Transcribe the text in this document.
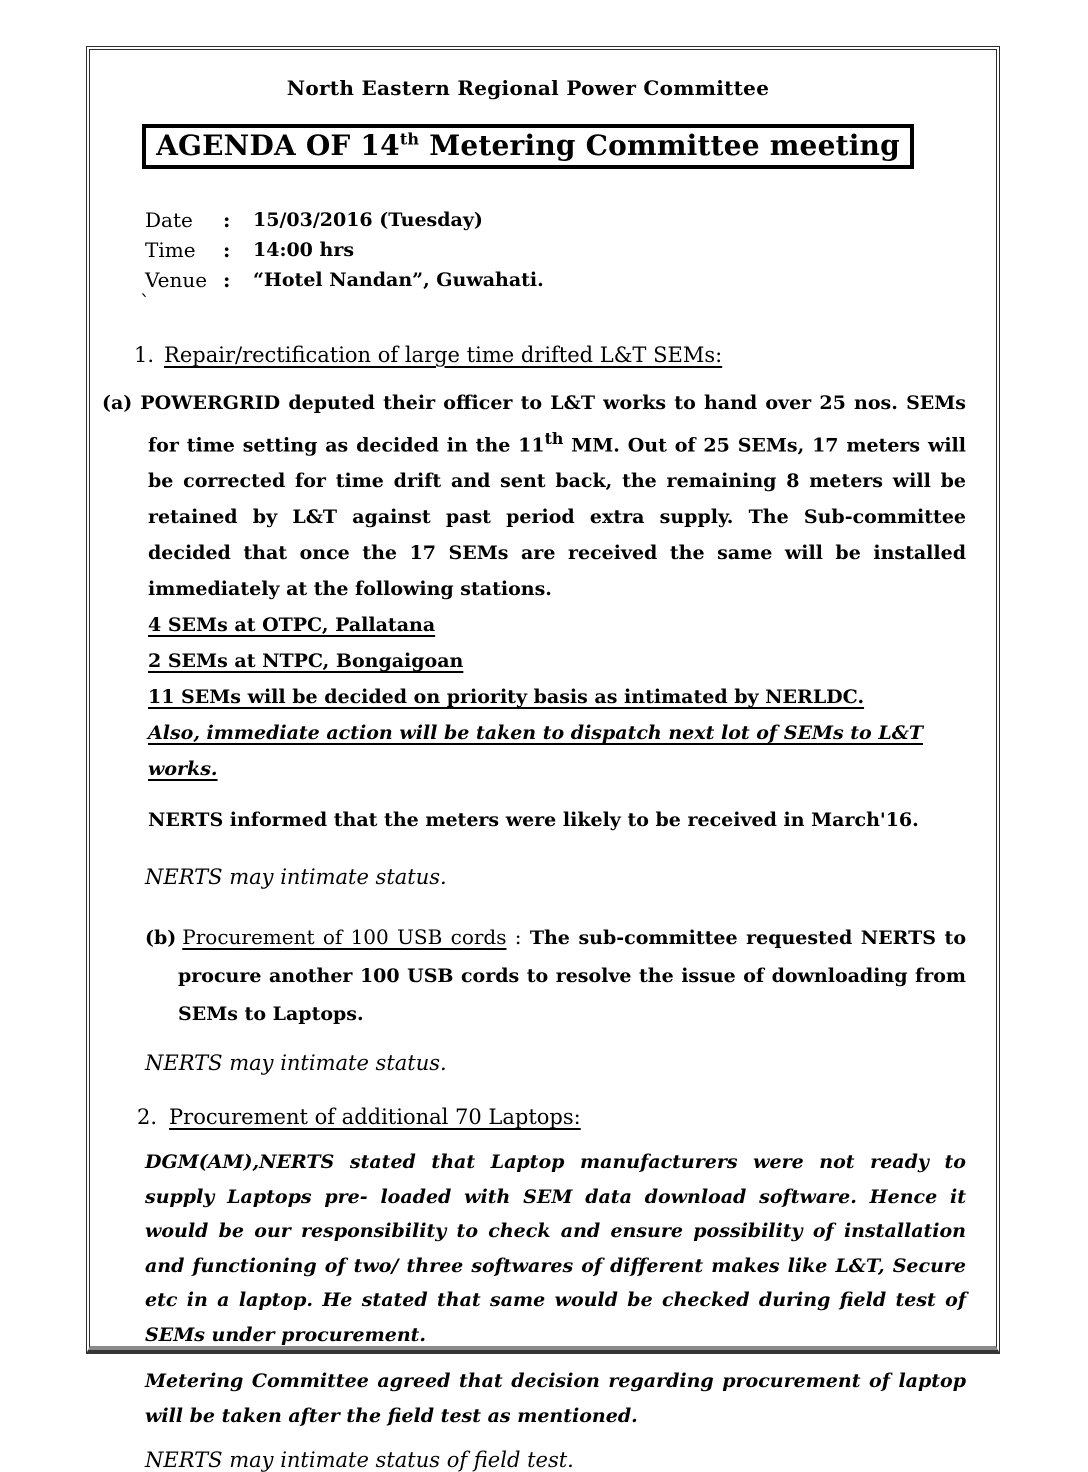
North Eastern Regional Power Committee
AGENDA OF 14th Metering Committee meeting
Date	:	15/03/2016 (Tuesday)
Time	:	14:00 hrs
Venue :	“Hotel Nandan”, Guwahati.
`
1. Repair/rectification of large time drifted L&T SEMs:
(a) POWERGRID deputed their officer to L&T works to hand over 25 nos. SEMs for time setting as decided in the 11th MM. Out of 25 SEMs, 17 meters will be corrected for time drift and sent back, the remaining 8 meters will be retained by L&T against past period extra supply. The Sub-committee decided that once the 17 SEMs are received the same will be installed immediately at the following stations.
4 SEMs at OTPC, Pallatana
2 SEMs at NTPC, Bongaigoan
11 SEMs will be decided on priority basis as intimated by NERLDC.
Also, immediate action will be taken to dispatch next lot of SEMs to L&T works.
NERTS informed that the meters were likely to be received in March'16.
NERTS may intimate status.
(b) Procurement of 100 USB cords : The sub-committee requested NERTS to procure another 100 USB cords to resolve the issue of downloading from SEMs to Laptops.
NERTS may intimate status.
2. Procurement of additional 70 Laptops:
DGM(AM),NERTS stated that Laptop manufacturers were not ready to supply Laptops pre- loaded with SEM data download software. Hence it would be our responsibility to check and ensure possibility of installation and functioning of two/ three softwares of different makes like L&T, Secure etc in a laptop. He stated that same would be checked during field test of SEMs under procurement.
Metering Committee agreed that decision regarding procurement of laptop will be taken after the field test as mentioned.
NERTS may intimate status of field test.
